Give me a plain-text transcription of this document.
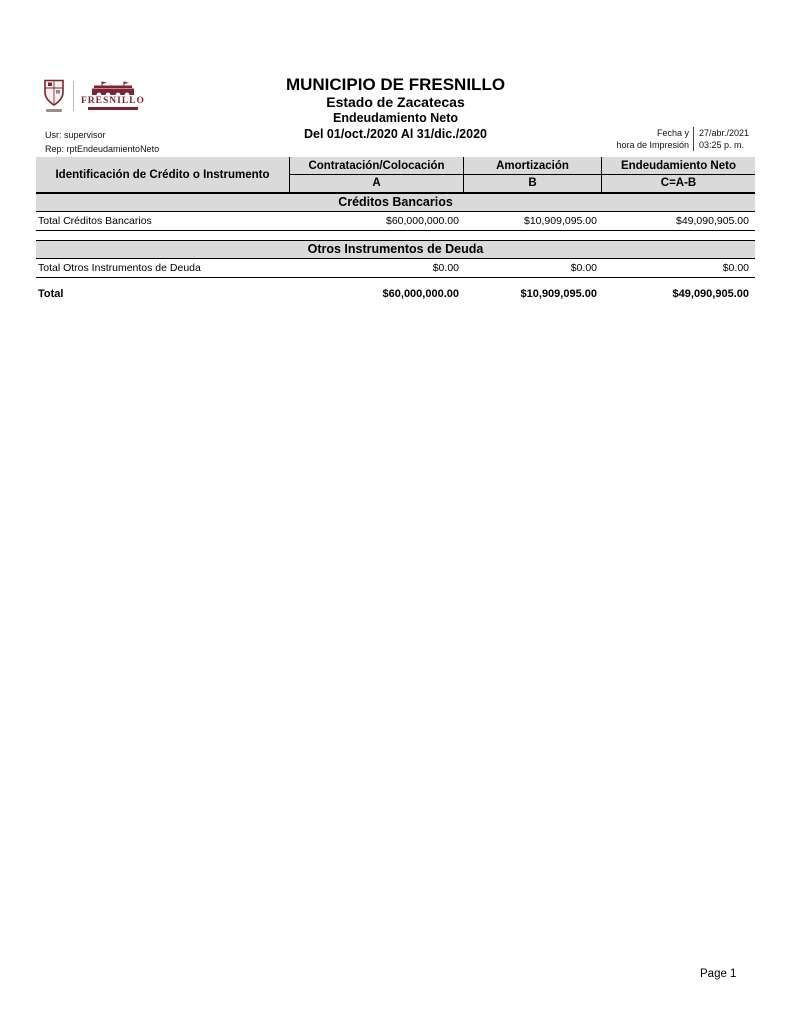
FRESNILLO
MUNICIPIO DE FRESNILLO
Estado de Zacatecas
Endeudamiento Neto
Del 01/oct./2020 Al 31/dic./2020
Usr: supervisor
Rep: rptEndeudamientoNeto
Fecha y
hora de Impresión
27/abr./2021
03:25 p. m.
Identificación de Crédito o Instrumento
Contratación/Colocación
A
Amortización
B
Endeudamiento Neto
C=A-B
Créditos Bancarios
Total Créditos Bancarios	$60,000,000.00	$10,909,095.00	$49,090,905.00
Otros Instrumentos de Deuda
Total Otros Instrumentos de Deuda	$0.00	$0.00	$0.00
Total	$60,000,000.00	$10,909,095.00	$49,090,905.00
Page 1
